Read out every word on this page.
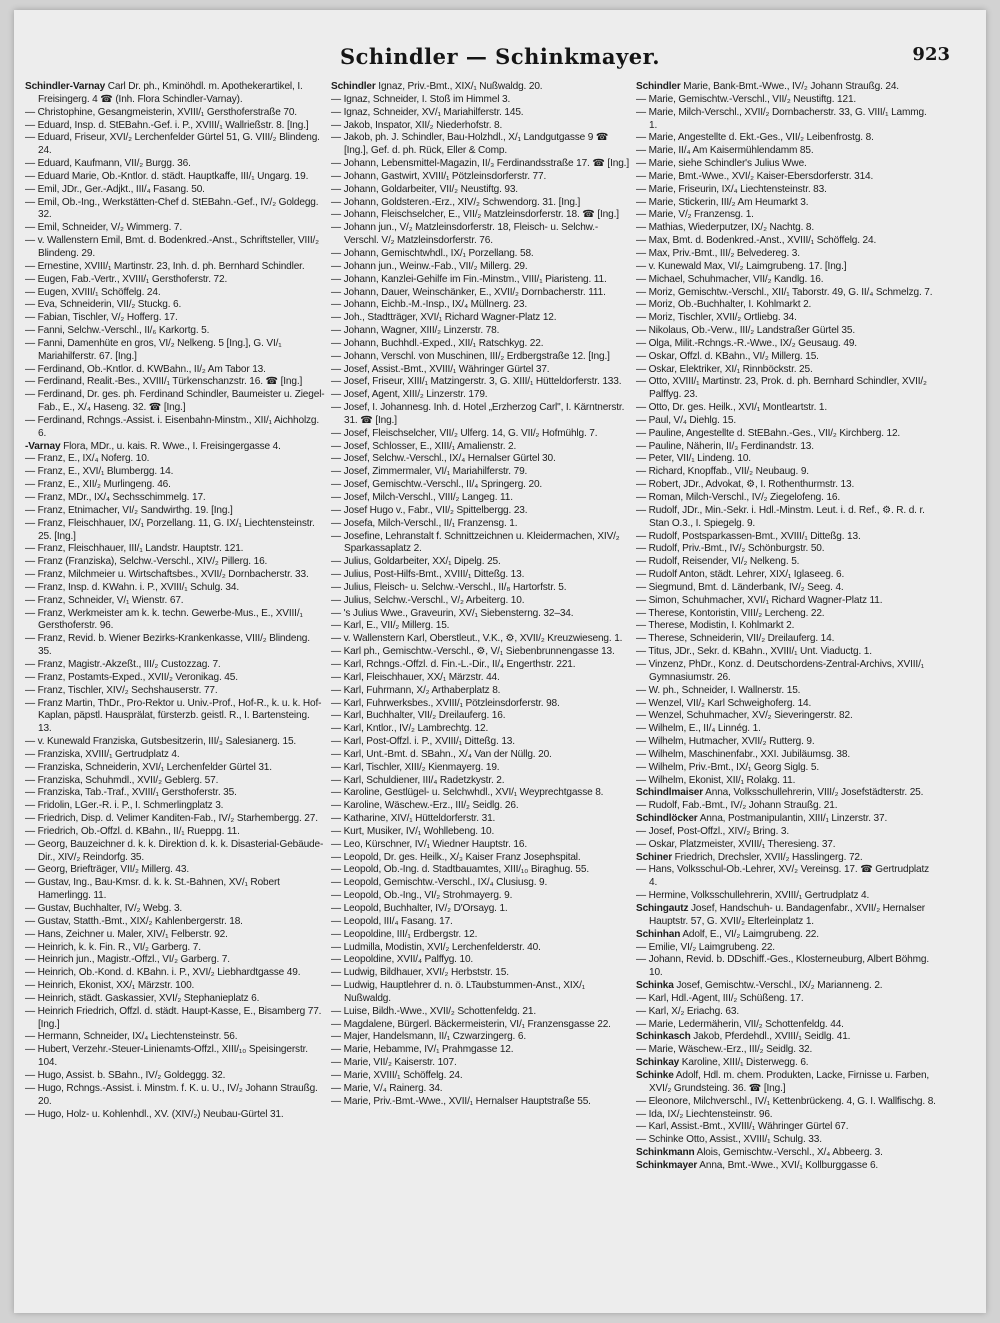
Schindler — Schinkmayer.	923

Schindler-Varnay Carl Dr. ph., Kminöhdl. m. Apothekerartikel, I. Freisingerg. 4 ☎ (Inh. Flora Schindler-Varnay).

— Christophine, Gesangmeisterin, XVIII/₁ Gersthoferstraße 70.

— Eduard, Insp. d. StEBahn.-Gef. i. P., XVIII/₁ Wallrießstr. 8. [Ing.]

— Eduard, Friseur, XVI/₂ Lerchenfelder Gürtel 51, G. VIII/₂ Blindeng. 24.

— Eduard, Kaufmann, VII/₂ Burgg. 36.

— Eduard Marie, Ob.-Kntlor. d. städt. Hauptkaffe, III/₁ Ungarg. 19.

— Emil, JDr., Ger.-Adjkt., III/₄ Fasang. 50.

— Emil, Ob.-Ing., Werkstätten-Chef d. StEBahn.-Gef., IV/₂ Goldegg. 32.

— Emil, Schneider, V/₂ Wimmerg. 7.

— v. Wallenstern Emil, Bmt. d. Bodenkred.-Anst., Schriftsteller, VIII/₂ Blindeng. 29.

— Ernestine, XVIII/₁ Martinstr. 23, Inh. d. ph. Bernhard Schindler.

— Eugen, Fab.-Vertr., XVIII/₁ Gersthoferstr. 72.

— Eugen, XVIII/₁ Schöffelg. 24.

— Eva, Schneiderin, VII/₂ Stuckg. 6.

— Fabian, Tischler, V/₂ Hofferg. 17.

— Fanni, Selchw.-Verschl., II/₆ Karkortg. 5.

— Fanni, Damenhüte en gros, VI/₂ Nelkeng. 5 [Ing.], G. VI/₁ Mariahilferstr. 67. [Ing.]

— Ferdinand, Ob.-Kntlor. d. KWBahn., II/₂ Am Tabor 13.

— Ferdinand, Realit.-Bes., XVIII/₁ Türkenschanzstr. 16. ☎ [Ing.]

— Ferdinand, Dr. ges. ph. Ferdinand Schindler, Baumeister u. Ziegel-Fab., E., X/₄ Haseng. 32. ☎ [Ing.]

— Ferdinand, Rchngs.-Assist. i. Eisenbahn-Minstm., XII/₁ Aichholzg. 6.

-Varnay Flora, MDr., u. kais. R. Wwe., I. Freisingergasse 4.

— Franz, E., IX/₄ Noferg. 10.

— Franz, E., XVI/₁ Blumbergg. 14.

— Franz, E., XII/₂ Murlingeng. 46.

— Franz, MDr., IX/₄ Sechsschimmelg. 17.

— Franz, Etnimacher, VI/₂ Sandwirthg. 19. [Ing.]

— Franz, Fleischhauer, IX/₁ Porzellang. 11, G. IX/₁ Liechtensteinstr. 25. [Ing.]

— Franz, Fleischhauer, III/₁ Landstr. Hauptstr. 121.

— Franz (Franziska), Selchw.-Verschl., XIV/₂ Pillerg. 16.

— Franz, Milchmeier u. Wirtschaftsbes., XVII/₂ Dornbacherstr. 33.

— Franz, Insp. d. KWahn. i. P., XVIII/₁ Schulg. 34.

— Franz, Schneider, V/₁ Wienstr. 67.

— Franz, Werkmeister am k. k. techn. Gewerbe-Mus., E., XVIII/₁ Gersthoferstr. 96.

— Franz, Revid. b. Wiener Bezirks-Krankenkasse, VIII/₂ Blindeng. 35.

— Franz, Magistr.-Akzeßt., III/₂ Custozzag. 7.

— Franz, Postamts-Exped., XVII/₂ Veronikag. 45.

— Franz, Tischler, XIV/₂ Sechshauserstr. 77.

— Franz Martin, ThDr., Pro-Rektor u. Univ.-Prof., Hof-R., k. u. k. Hof-Kaplan, päpstl. Hausprälat, fürsterzb. geistl. R., I. Bartensteing. 13.

— v. Kunewald Franziska, Gutsbesitzerin, III/₃ Salesianerg. 15.

— Franziska, XVIII/₁ Gertrudplatz 4.

— Franziska, Schneiderin, XVI/₁ Lerchenfelder Gürtel 31.

— Franziska, Schuhmdl., XVII/₂ Geblerg. 57.

— Franziska, Tab.-Traf., XVIII/₁ Gersthoferstr. 35.

— Fridolin, LGer.-R. i. P., I. Schmerlingplatz 3.

— Friedrich, Disp. d. Velimer Kanditen-Fab., IV/₂ Starhembergg. 27.

— Friedrich, Ob.-Offzl. d. KBahn., II/₁ Rueppg. 11.

— Georg, Bauzeichner d. k. k. Direktion d. k. k. Disasterial-Gebäude-Dir., XIV/₂ Reindorfg. 35.

— Georg, Briefträger, VII/₂ Millerg. 43.

— Gustav, Ing., Bau-Kmsr. d. k. k. St.-Bahnen, XV/₁ Robert Hamerlingg. 11.

— Gustav, Buchhalter, IV/₂ Webg. 3.

— Gustav, Statth.-Bmt., XIX/₂ Kahlenbergerstr. 18.

— Hans, Zeichner u. Maler, XIV/₁ Felberstr. 92.

— Heinrich, k. k. Fin. R., VI/₂ Garberg. 7.

— Heinrich jun., Magistr.-Offzl., VI/₂ Garberg. 7.

— Heinrich, Ob.-Kond. d. KBahn. i. P., XVI/₂ Liebhardtgasse 49.

— Heinrich, Ekonist, XX/₁ Märzstr. 100.

— Heinrich, städt. Gaskassier, XVI/₂ Stephanieplatz 6.

— Heinrich Friedrich, Offzl. d. städt. Haupt-Kasse, E., Bisamberg 77. [Ing.]

— Hermann, Schneider, IX/₄ Liechtensteinstr. 56.

— Hubert, Verzehr.-Steuer-Linienamts-Offzl., XIII/₁₀ Speisingerstr. 104.

— Hugo, Assist. b. SBahn., IV/₂ Goldeggg. 32.

— Hugo, Rchngs.-Assist. i. Minstm. f. K. u. U., IV/₂ Johann Straußg. 20.

— Hugo, Holz- u. Kohlenhdl., XV. (XIV/₂) Neubau-Gürtel 31.

Schindler Ignaz, Priv.-Bmt., XIX/₁ Nußwaldg. 20.

— Ignaz, Schneider, I. Stoß im Himmel 3.

— Ignaz, Schneider, XV/₁ Mariahilferstr. 145.

— Jakob, Inspator, XII/₂ Niederhofstr. 8.

— Jakob, ph. J. Schindler, Bau-Holzhdl., X/₁ Landgutgasse 9 ☎ [Ing.], Gef. d. ph. Rück, Eller & Comp.

— Johann, Lebensmittel-Magazin, II/₃ Ferdinandsstraße 17. ☎ [Ing.]

— Johann, Gastwirt, XVIII/₁ Pötzleinsdorferstr. 77.

— Johann, Goldarbeiter, VII/₂ Neustiftg. 93.

— Johann, Goldsteren.-Erz., XIV/₂ Schwendorg. 31. [Ing.]

— Johann, Fleischselcher, E., VII/₂ Matzleinsdorferstr. 18. ☎ [Ing.]

— Johann jun., V/₂ Matzleinsdorferstr. 18, Fleisch- u. Selchw.-Verschl. V/₂ Matzleinsdorferstr. 76.

— Johann, Gemischtwhdl., IX/₁ Porzellang. 58.

— Johann jun., Weinw.-Fab., VII/₂ Millerg. 29.

— Johann, Kanzlei-Gehilfe im Fin.-Minstm., VIII/₁ Piaristeng. 11.

— Johann, Dauer, Weinschänker, E., XVII/₂ Dornbacherstr. 111.

— Johann, Eichb.-M.-Insp., IX/₄ Müllnerg. 23.

— Joh., Stadtträger, XVI/₁ Richard Wagner-Platz 12.

— Johann, Wagner, XIII/₂ Linzerstr. 78.

— Johann, Buchhdl.-Exped., XII/₁ Ratschkyg. 22.

— Johann, Verschl. von Muschinen, III/₂ Erdbergstraße 12. [Ing.]

— Josef, Assist.-Bmt., XVIII/₁ Währinger Gürtel 37.

— Josef, Friseur, XIII/₁ Matzingerstr. 3, G. XIII/₁ Hütteldorferstr. 133.

— Josef, Agent, XIII/₂ Linzerstr. 179.

— Josef, I. Johannesg. Inh. d. Hotel „Erzherzog Carl", I. Kärntnerstr. 31. ☎ [Ing.]

— Josef, Fleischselcher, VII/₂ Ulferg. 14, G. VII/₂ Hofmühlg. 7.

— Josef, Schlosser, E., XIII/₁ Amalienstr. 2.

— Josef, Selchw.-Verschl., IX/₄ Hernalser Gürtel 30.

— Josef, Zimmermaler, VI/₁ Mariahilferstr. 79.

— Josef, Gemischtw.-Verschl., II/₄ Springerg. 20.

— Josef, Milch-Verschl., VIII/₂ Langeg. 11.

— Josef Hugo v., Fabr., VII/₂ Spittelbergg. 23.

— Josefa, Milch-Verschl., II/₁ Franzensg. 1.

— Josefine, Lehranstalt f. Schnittzeichnen u. Kleidermachen, XIV/₂ Sparkassaplatz 2.

— Julius, Goldarbeiter, XX/₁ Dipelg. 25.

— Julius, Post-Hilfs-Bmt., XVIII/₁ Ditteßg. 13.

— Julius, Fleisch- u. Selchw.-Verschl., II/₈ Hartorfstr. 5.

— Julius, Selchw.-Verschl., V/₂ Arbeiterg. 10.

— 's Julius Wwe., Graveurin, XV/₁ Siebensterng. 32–34.

— Karl, E., VII/₂ Millerg. 15.

— v. Wallenstern Karl, Oberstleut., V.K., ⚙, XVII/₂ Kreuzwieseng. 1.

— Karl ph., Gemischtw.-Verschl., ⚙, V/₁ Siebenbrunnengasse 13.

— Karl, Rchngs.-Offzl. d. Fin.-L.-Dir., II/₄ Engerthstr. 221.

— Karl, Fleischhauer, XX/₁ Märzstr. 44.

— Karl, Fuhrmann, X/₂ Arthaberplatz 8.

— Karl, Fuhrwerksbes., XVIII/₁ Pötzleinsdorferstr. 98.

— Karl, Buchhalter, VII/₂ Dreilauferg. 16.

— Karl, Kntlor., IV/₂ Lambrechtg. 12.

— Karl, Post-Offzl. i. P., XVIII/₁ Ditteßg. 13.

— Karl, Unt.-Bmt. d. SBahn., X/₄ Van der Nüllg. 20.

— Karl, Tischler, XIII/₂ Kienmayerg. 19.

— Karl, Schuldiener, III/₄ Radetzkystr. 2.

— Karoline, Gestlügel- u. Selchwhdl., XVI/₁ Weyprechtgasse 8.

— Karoline, Wäschew.-Erz., III/₂ Seidlg. 26.

— Katharine, XIV/₁ Hütteldorferstr. 31.

— Kurt, Musiker, IV/₁ Wohllebeng. 10.

— Leo, Kürschner, IV/₁ Wiedner Hauptstr. 16.

— Leopold, Dr. ges. Heilk., X/₃ Kaiser Franz Josephspital.

— Leopold, Ob.-Ing. d. Stadtbauamtes, XIII/₁₀ Biraghug. 55.

— Leopold, Gemischtw.-Verschl., IX/₄ Clusiusg. 9.

— Leopold, Ob.-Ing., VI/₂ Strohmayerg. 9.

— Leopold, Buchhalter, IV/₂ D'Orsayg. 1.

— Leopold, III/₄ Fasang. 17.

— Leopoldine, III/₁ Erdbergstr. 12.

— Ludmilla, Modistin, XVI/₂ Lerchenfelderstr. 40.

— Leopoldine, XVII/₄ Palffyg. 10.

— Ludwig, Bildhauer, XVI/₂ Herbststr. 15.

— Ludwig, Hauptlehrer d. n. ö. LTaubstummen-Anst., XIX/₁ Nußwaldg.

— Luise, Bildh.-Wwe., XVII/₂ Schottenfeldg. 21.

— Magdalene, Bürgerl. Bäckermeisterin, VI/₁ Franzensgasse 22.

— Majer, Handelsmann, II/₁ Czwarzingerg. 6.

— Marie, Hebamme, IV/₁ Prahmgasse 12.

— Marie, VII/₂ Kaiserstr. 107.

— Marie, XVIII/₁ Schöffelg. 24.

— Marie, V/₄ Rainerg. 34.

— Marie, Priv.-Bmt.-Wwe., XVII/₁ Hernalser Hauptstraße 55.

Schindler Marie, Bank-Bmt.-Wwe., IV/₂ Johann Straußg. 24.

— Marie, Gemischtw.-Verschl., VII/₂ Neustiftg. 121.

— Marie, Milch-Verschl., XVII/₂ Dornbacherstr. 33, G. VIII/₁ Lammg. 1.

— Marie, Angestellte d. Ekt.-Ges., VII/₂ Leibenfrostg. 8.

— Marie, II/₄ Am Kaisermühlendamm 85.

— Marie, siehe Schindler's Julius Wwe.

— Marie, Bmt.-Wwe., XVI/₂ Kaiser-Ebersdorferstr. 314.

— Marie, Friseurin, IX/₄ Liechtensteinstr. 83.

— Marie, Stickerin, III/₂ Am Heumarkt 3.

— Marie, V/₂ Franzensg. 1.

— Mathias, Wiederputzer, IX/₂ Nachtg. 8.

— Max, Bmt. d. Bodenkred.-Anst., XVIII/₁ Schöffelg. 24.

— Max, Priv.-Bmt., III/₂ Belvedereg. 3.

— v. Kunewald Max, VI/₂ Laimgrubeng. 17. [Ing.]

— Michael, Schuhmacher, VII/₂ Kandlg. 16.

— Moriz, Gemischtw.-Verschl., XII/₁ Taborstr. 49, G. II/₄ Schmelzg. 7.

— Moriz, Ob.-Buchhalter, I. Kohlmarkt 2.

— Moriz, Tischler, XVII/₂ Ortliebg. 34.

— Nikolaus, Ob.-Verw., III/₂ Landstraßer Gürtel 35.

— Olga, Milit.-Rchngs.-R.-Wwe., IX/₂ Geusaug. 49.

— Oskar, Offzl. d. KBahn., VI/₂ Millerg. 15.

— Oskar, Elektriker, XI/₁ Rinnböckstr. 25.

— Otto, XVIII/₁ Martinstr. 23, Prok. d. ph. Bernhard Schindler, XVII/₂ Palffyg. 23.

— Otto, Dr. ges. Heilk., XVI/₁ Montleartstr. 1.

— Paul, V/₄ Diehlg. 15.

— Pauline, Angestellte d. StEBahn.-Ges., VII/₂ Kirchberg. 12.

— Pauline, Näherin, II/₃ Ferdinandstr. 13.

— Peter, VII/₁ Lindeng. 10.

— Richard, Knopffab., VII/₂ Neubaug. 9.

— Robert, JDr., Advokat, ⚙, I. Rothenthurmstr. 13.

— Roman, Milch-Verschl., IV/₂ Ziegelofeng. 16.

— Rudolf, JDr., Min.-Sekr. i. Hdl.-Minstm. Leut. i. d. Ref., ⚙. R. d. r. Stan O.3., I. Spiegelg. 9.

— Rudolf, Postsparkassen-Bmt., XVIII/₁ Ditteßg. 13.

— Rudolf, Priv.-Bmt., IV/₂ Schönburgstr. 50.

— Rudolf, Reisender, VI/₂ Nelkeng. 5.

— Rudolf Anton, städt. Lehrer, XIX/₁ Iglaseeg. 6.

— Siegmund, Bmt. d. Länderbank, IV/₂ Seeg. 4.

— Simon, Schuhmacher, XVI/₁ Richard Wagner-Platz 11.

— Therese, Kontoristin, VIII/₂ Lercheng. 22.

— Therese, Modistin, I. Kohlmarkt 2.

— Therese, Schneiderin, VII/₂ Dreilauferg. 14.

— Titus, JDr., Sekr. d. KBahn., XVIII/₁ Unt. Viaductg. 1.

— Vinzenz, PhDr., Konz. d. Deutschordens-Zentral-Archivs, XVIII/₁ Gymnasiumstr. 26.

— W. ph., Schneider, I. Wallnerstr. 15.

— Wenzel, VII/₂ Karl Schweighoferg. 14.

— Wenzel, Schuhmacher, XV/₂ Sieveringerstr. 82.

— Wilhelm, E., II/₄ Linnég. 1.

— Wilhelm, Hutmacher, XVII/₂ Rutterg. 9.

— Wilhelm, Maschinenfabr., XXI. Jubiläumsg. 38.

— Wilhelm, Priv.-Bmt., IX/₁ Georg Siglg. 5.

— Wilhelm, Ekonist, XII/₁ Rolakg. 11.

Schindlmaiser Anna, Volksschullehrerin, VIII/₂ Josefstädterstr. 25.

— Rudolf, Fab.-Bmt., IV/₂ Johann Straußg. 21.

Schindlöcker Anna, Postmanipulantin, XIII/₁ Linzerstr. 37.

— Josef, Post-Offzl., XIV/₂ Bring. 3.

— Oskar, Platzmeister, XVIII/₁ Theresieng. 37.

Schiner Friedrich, Drechsler, XVII/₂ Hasslingerg. 72.

— Hans, Volksschul-Ob.-Lehrer, XV/₂ Vereinsg. 17. ☎ Gertrudplatz 4.

— Hermine, Volksschullehrerin, XVIII/₁ Gertrudplatz 4.

Schingautz Josef, Handschuh- u. Bandagenfabr., XVII/₂ Hernalser Hauptstr. 57, G. XVII/₂ Elterleinplatz 1.

Schinhan Adolf, E., VI/₂ Laimgrubeng. 22.

— Emilie, VI/₂ Laimgrubeng. 22.

— Johann, Revid. b. DDschiff.-Ges., Klosterneuburg, Albert Böhmg. 10.

Schinka Josef, Gemischtw.-Verschl., IX/₂ Marianneng. 2.

— Karl, Hdl.-Agent, III/₂ Schüßeng. 17.

— Karl, X/₂ Eriachg. 63.

— Marie, Ledermäherin, VII/₂ Schottenfeldg. 44.

Schinkasch Jakob, Pferdehdl., XVIII/₁ Seidlg. 41.

— Marie, Wäschew.-Erz., III/₂ Seidlg. 32.

Schinkay Karoline, XIII/₁ Disterwegg. 6.

Schinke Adolf, Hdl. m. chem. Produkten, Lacke, Firnisse u. Farben, XVI/₂ Grundsteing. 36. ☎ [Ing.]

— Eleonore, Milchverschl., IV/₁ Kettenbrückeng. 4, G. I. Wallfischg. 8.

— Ida, IX/₂ Liechtensteinstr. 96.

— Karl, Assist.-Bmt., XVIII/₁ Währinger Gürtel 67.

— Schinke Otto, Assist., XVIII/₁ Schulg. 33.

Schinkmann Alois, Gemischtw.-Verschl., X/₄ Abbeerg. 3.

Schinkmayer Anna, Bmt.-Wwe., XVI/₁ Kollburggasse 6.
